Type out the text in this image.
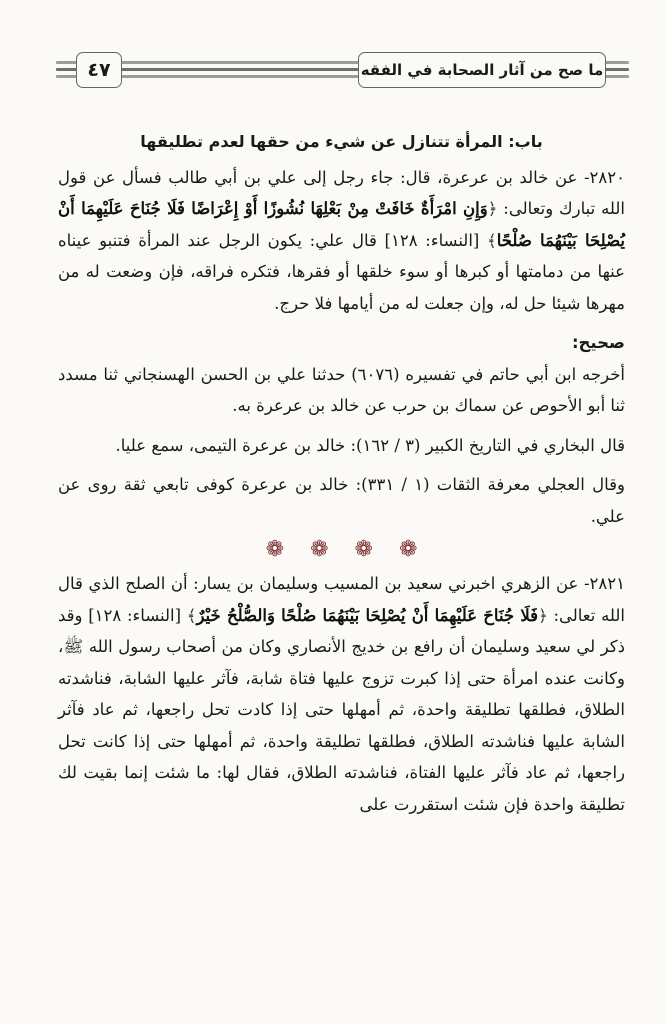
٤٧	ما صح من آثار الصحابة في الفقه
باب: المرأة تتنازل عن شيء من حقها لعدم تطليقها

٢٨٢٠- عن خالد بن عرعرة، قال: جاء رجل إلى علي بن أبي طالب فسأل عن قول الله تبارك وتعالى: ﴿وَإِنِ امْرَأَةٌ خَافَتْ مِنْ بَعْلِهَا نُشُوزًا أَوْ إِعْرَاضًا فَلَا جُنَاحَ عَلَيْهِمَا أَنْ يُصْلِحَا بَيْنَهُمَا صُلْحًا﴾ [النساء: ١٢٨] قال علي: يكون الرجل عند المرأة فتنبو عيناه عنها من دمامتها أو كبرها أو سوء خلقها أو فقرها، فتكره فراقه، فإن وضعت له من مهرها شيئا حل له، وإن جعلت له من أيامها فلا حرج.

صحيح:

أخرجه ابن أبي حاتم في تفسيره (٦٠٧٦) حدثنا علي بن الحسن الهسنجاني ثنا مسدد ثنا أبو الأحوص عن سماك بن حرب عن خالد بن عرعرة به.

قال البخاري في التاريخ الكبير (٣ / ١٦٢): خالد بن عرعرة التيمى، سمع عليا.

وقال العجلي معرفة الثقات (١ / ٣٣١): خالد بن عرعرة كوفى تابعي ثقة روى عن علي.

❁ ❁ ❁ ❁

٢٨٢١- عن الزهري اخبرني سعيد بن المسيب وسليمان بن يسار: أن الصلح الذي قال الله تعالى: ﴿فَلَا جُنَاحَ عَلَيْهِمَا أَنْ يُصْلِحَا بَيْنَهُمَا صُلْحًا وَالصُّلْحُ خَيْرٌ﴾ [النساء: ١٢٨] وقد ذكر لي سعيد وسليمان أن رافع بن خديج الأنصاري وكان من أصحاب رسول الله ﷺ، وكانت عنده امرأة حتى إذا كبرت تزوج عليها فتاة شابة، فآثر عليها الشابة، فناشدته الطلاق، فطلقها تطليقة واحدة، ثم أمهلها حتى إذا كادت تحل راجعها، ثم عاد فآثر الشابة عليها فناشدته الطلاق، فطلقها تطليقة واحدة، ثم أمهلها حتى إذا كانت تحل راجعها، ثم عاد فآثر عليها الفتاة، فناشدته الطلاق، فقال لها: ما شئت إنما بقيت لك تطليقة واحدة فإن شئت استقررت على
